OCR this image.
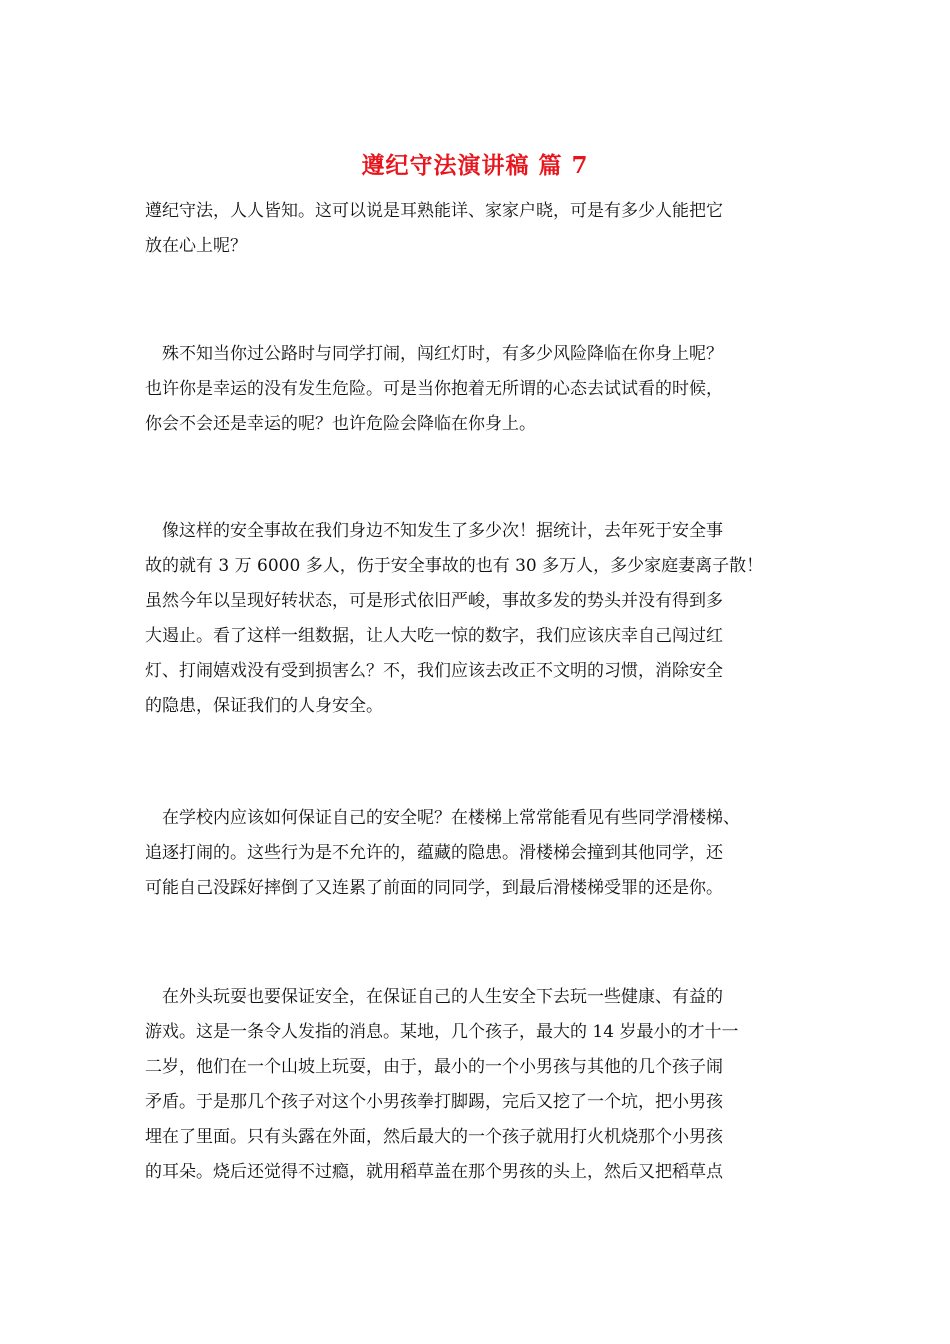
遵纪守法演讲稿 篇 7
遵纪守法，人人皆知。这可以说是耳熟能详、家家户晓，可是有多少人能把它
放在心上呢？
　殊不知当你过公路时与同学打闹，闯红灯时，有多少风险降临在你身上呢？
也许你是幸运的没有发生危险。可是当你抱着无所谓的心态去试试看的时候，
你会不会还是幸运的呢？也许危险会降临在你身上。
　像这样的安全事故在我们身边不知发生了多少次！据统计，去年死于安全事
故的就有 3 万 6000 多人，伤于安全事故的也有 30 多万人，多少家庭妻离子散！
虽然今年以呈现好转状态，可是形式依旧严峻，事故多发的势头并没有得到多
大遏止。看了这样一组数据，让人大吃一惊的数字，我们应该庆幸自己闯过红
灯、打闹嬉戏没有受到损害么？不，我们应该去改正不文明的习惯，消除安全
的隐患，保证我们的人身安全。
　在学校内应该如何保证自己的安全呢？在楼梯上常常能看见有些同学滑楼梯、
追逐打闹的。这些行为是不允许的，蕴藏的隐患。滑楼梯会撞到其他同学，还
可能自己没踩好摔倒了又连累了前面的同同学，到最后滑楼梯受罪的还是你。
　在外头玩耍也要保证安全，在保证自己的人生安全下去玩一些健康、有益的
游戏。这是一条令人发指的消息。某地，几个孩子，最大的 14 岁最小的才十一
二岁，他们在一个山坡上玩耍，由于，最小的一个小男孩与其他的几个孩子闹
矛盾。于是那几个孩子对这个小男孩拳打脚踢，完后又挖了一个坑，把小男孩
埋在了里面。只有头露在外面，然后最大的一个孩子就用打火机烧那个小男孩
的耳朵。烧后还觉得不过瘾，就用稻草盖在那个男孩的头上，然后又把稻草点
